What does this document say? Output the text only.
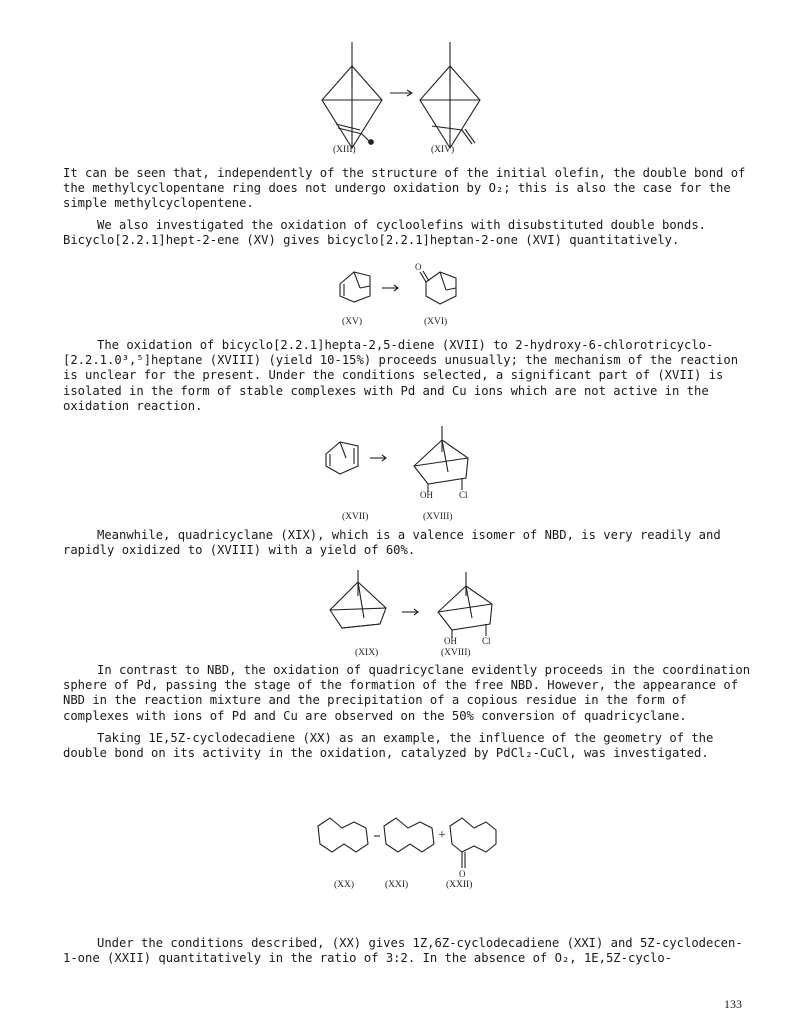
(XIII)	(XIV)

It can be seen that, independently of the structure of the initial olefin, the double bond of the methylcyclopentane ring does not undergo oxidation by O₂; this is also the case for the simple methylcyclopentene.

We also investigated the oxidation of cycloolefins with disubstituted double bonds. Bicyclo[2.2.1]hept-2-ene (XV) gives bicyclo[2.2.1]heptan-2-one (XVI) quantitatively.

O
(XV)	(XVI)

The oxidation of bicyclo[2.2.1]hepta-2,5-diene (XVII) to 2-hydroxy-6-chlorotricyclo-[2.2.1.0³,⁵]heptane (XVIII) (yield 10-15%) proceeds unusually; the mechanism of the reaction is unclear for the present. Under the conditions selected, a significant part of (XVII) is isolated in the form of stable complexes with Pd and Cu ions which are not active in the oxidation reaction.

OH	Cl
(XVII)	(XVIII)

Meanwhile, quadricyclane (XIX), which is a valence isomer of NBD, is very readily and rapidly oxidized to (XVIII) with a yield of 60%.

OH	Cl
(XIX)	(XVIII)

In contrast to NBD, the oxidation of quadricyclane evidently proceeds in the coordination sphere of Pd, passing the stage of the formation of the free NBD. However, the appearance of NBD in the reaction mixture and the precipitation of a copious residue in the form of complexes with ions of Pd and Cu are observed on the 50% conversion of quadricyclane.

Taking 1E,5Z-cyclodecadiene (XX) as an example, the influence of the geometry of the double bond on its activity in the oxidation, catalyzed by PdCl₂-CuCl, was investigated.

+
O
(XX)	(XXI)	(XXII)

Under the conditions described, (XX) gives 1Z,6Z-cyclodecadiene (XXI) and 5Z-cyclodecen-1-one (XXII) quantitatively in the ratio of 3:2. In the absence of O₂, 1E,5Z-cyclo-

133
